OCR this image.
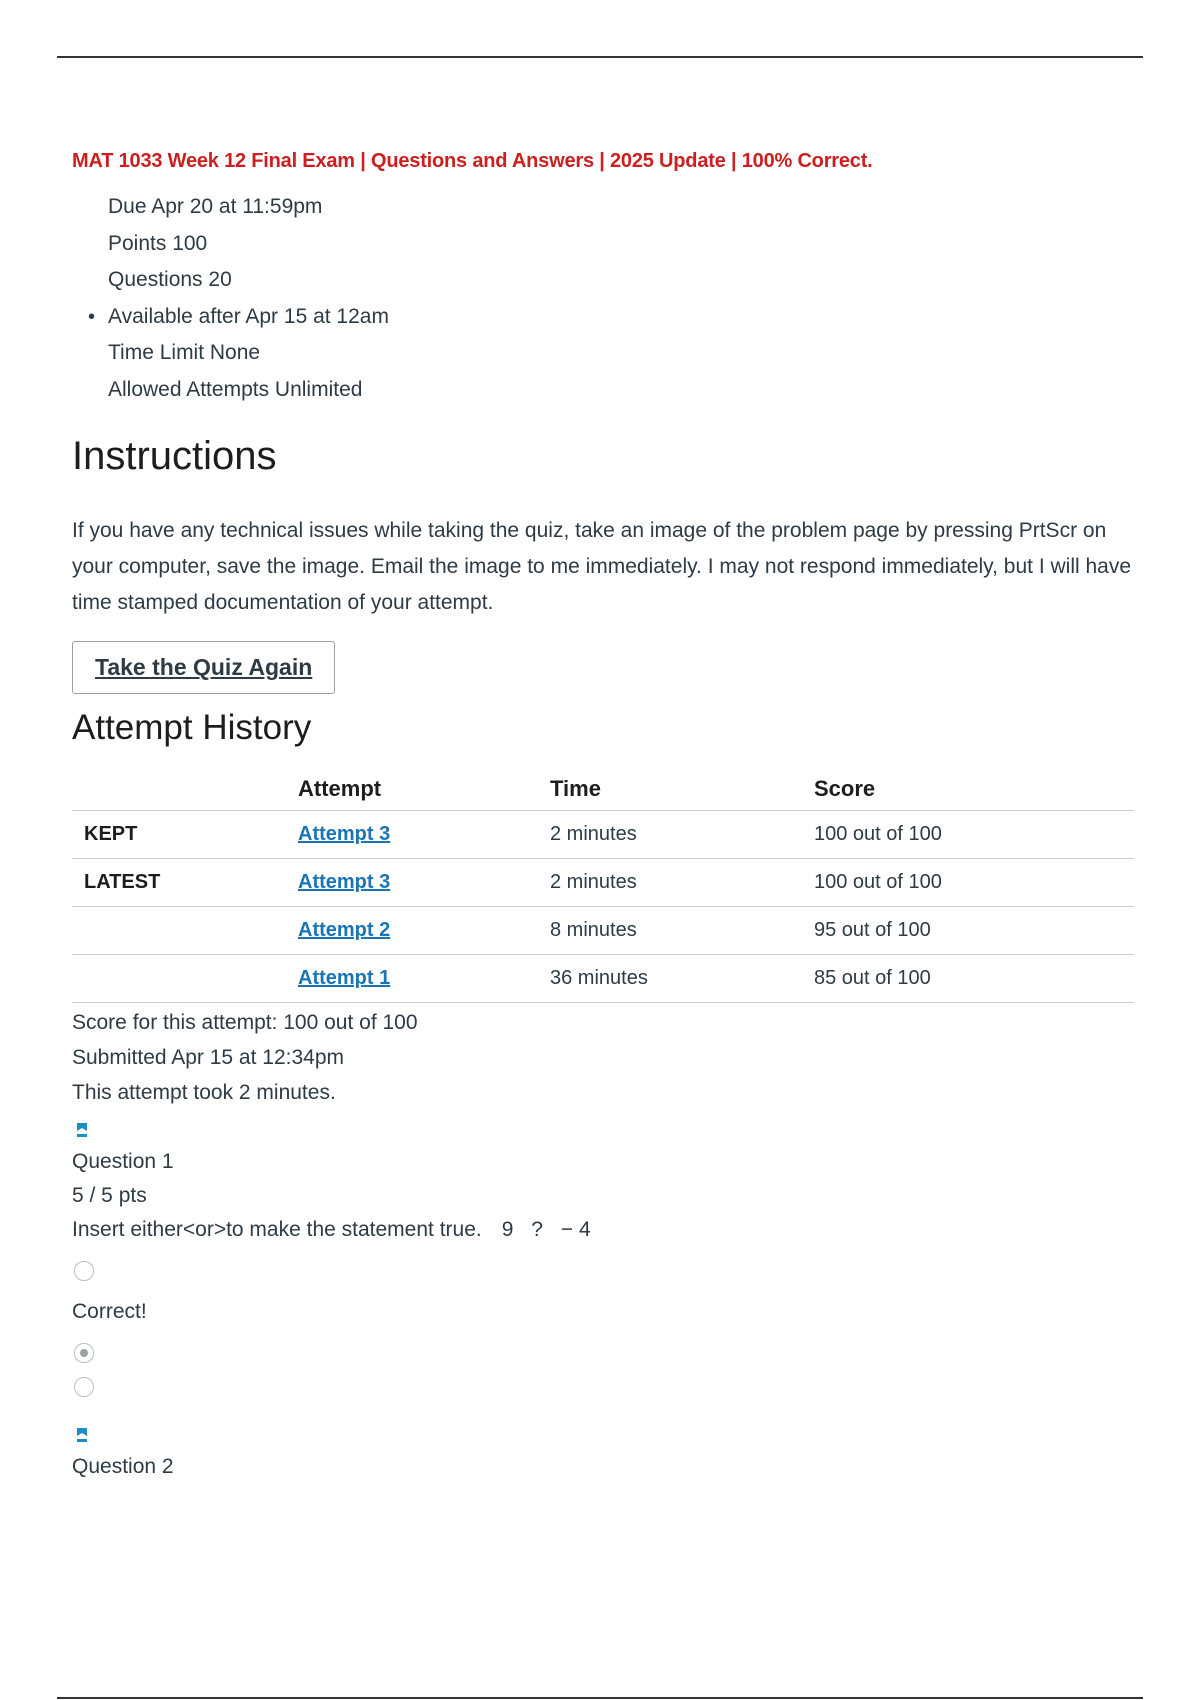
MAT 1033 Week 12 Final Exam | Questions and Answers | 2025 Update | 100% Correct.
Due Apr 20 at 11:59pm
Points 100
Questions 20
• Available after Apr 15 at 12am
Time Limit None
Allowed Attempts Unlimited
Instructions

If you have any technical issues while taking the quiz, take an image of the problem page by pressing PrtScr on your computer, save the image. Email the image to me immediately. I may not respond immediately, but I will have time stamped documentation of your attempt.

Take the Quiz Again
Attempt History
	Attempt	Time	Score
KEPT	Attempt 3	2 minutes	100 out of 100
LATEST	Attempt 3	2 minutes	100 out of 100
	Attempt 2	8 minutes	95 out of 100
	Attempt 1	36 minutes	85 out of 100
Score for this attempt: 100 out of 100
Submitted Apr 15 at 12:34pm
This attempt took 2 minutes.
Question 1
5 / 5 pts
Insert either<or>to make the statement true. 9 ? −4
Correct!
Question 2
